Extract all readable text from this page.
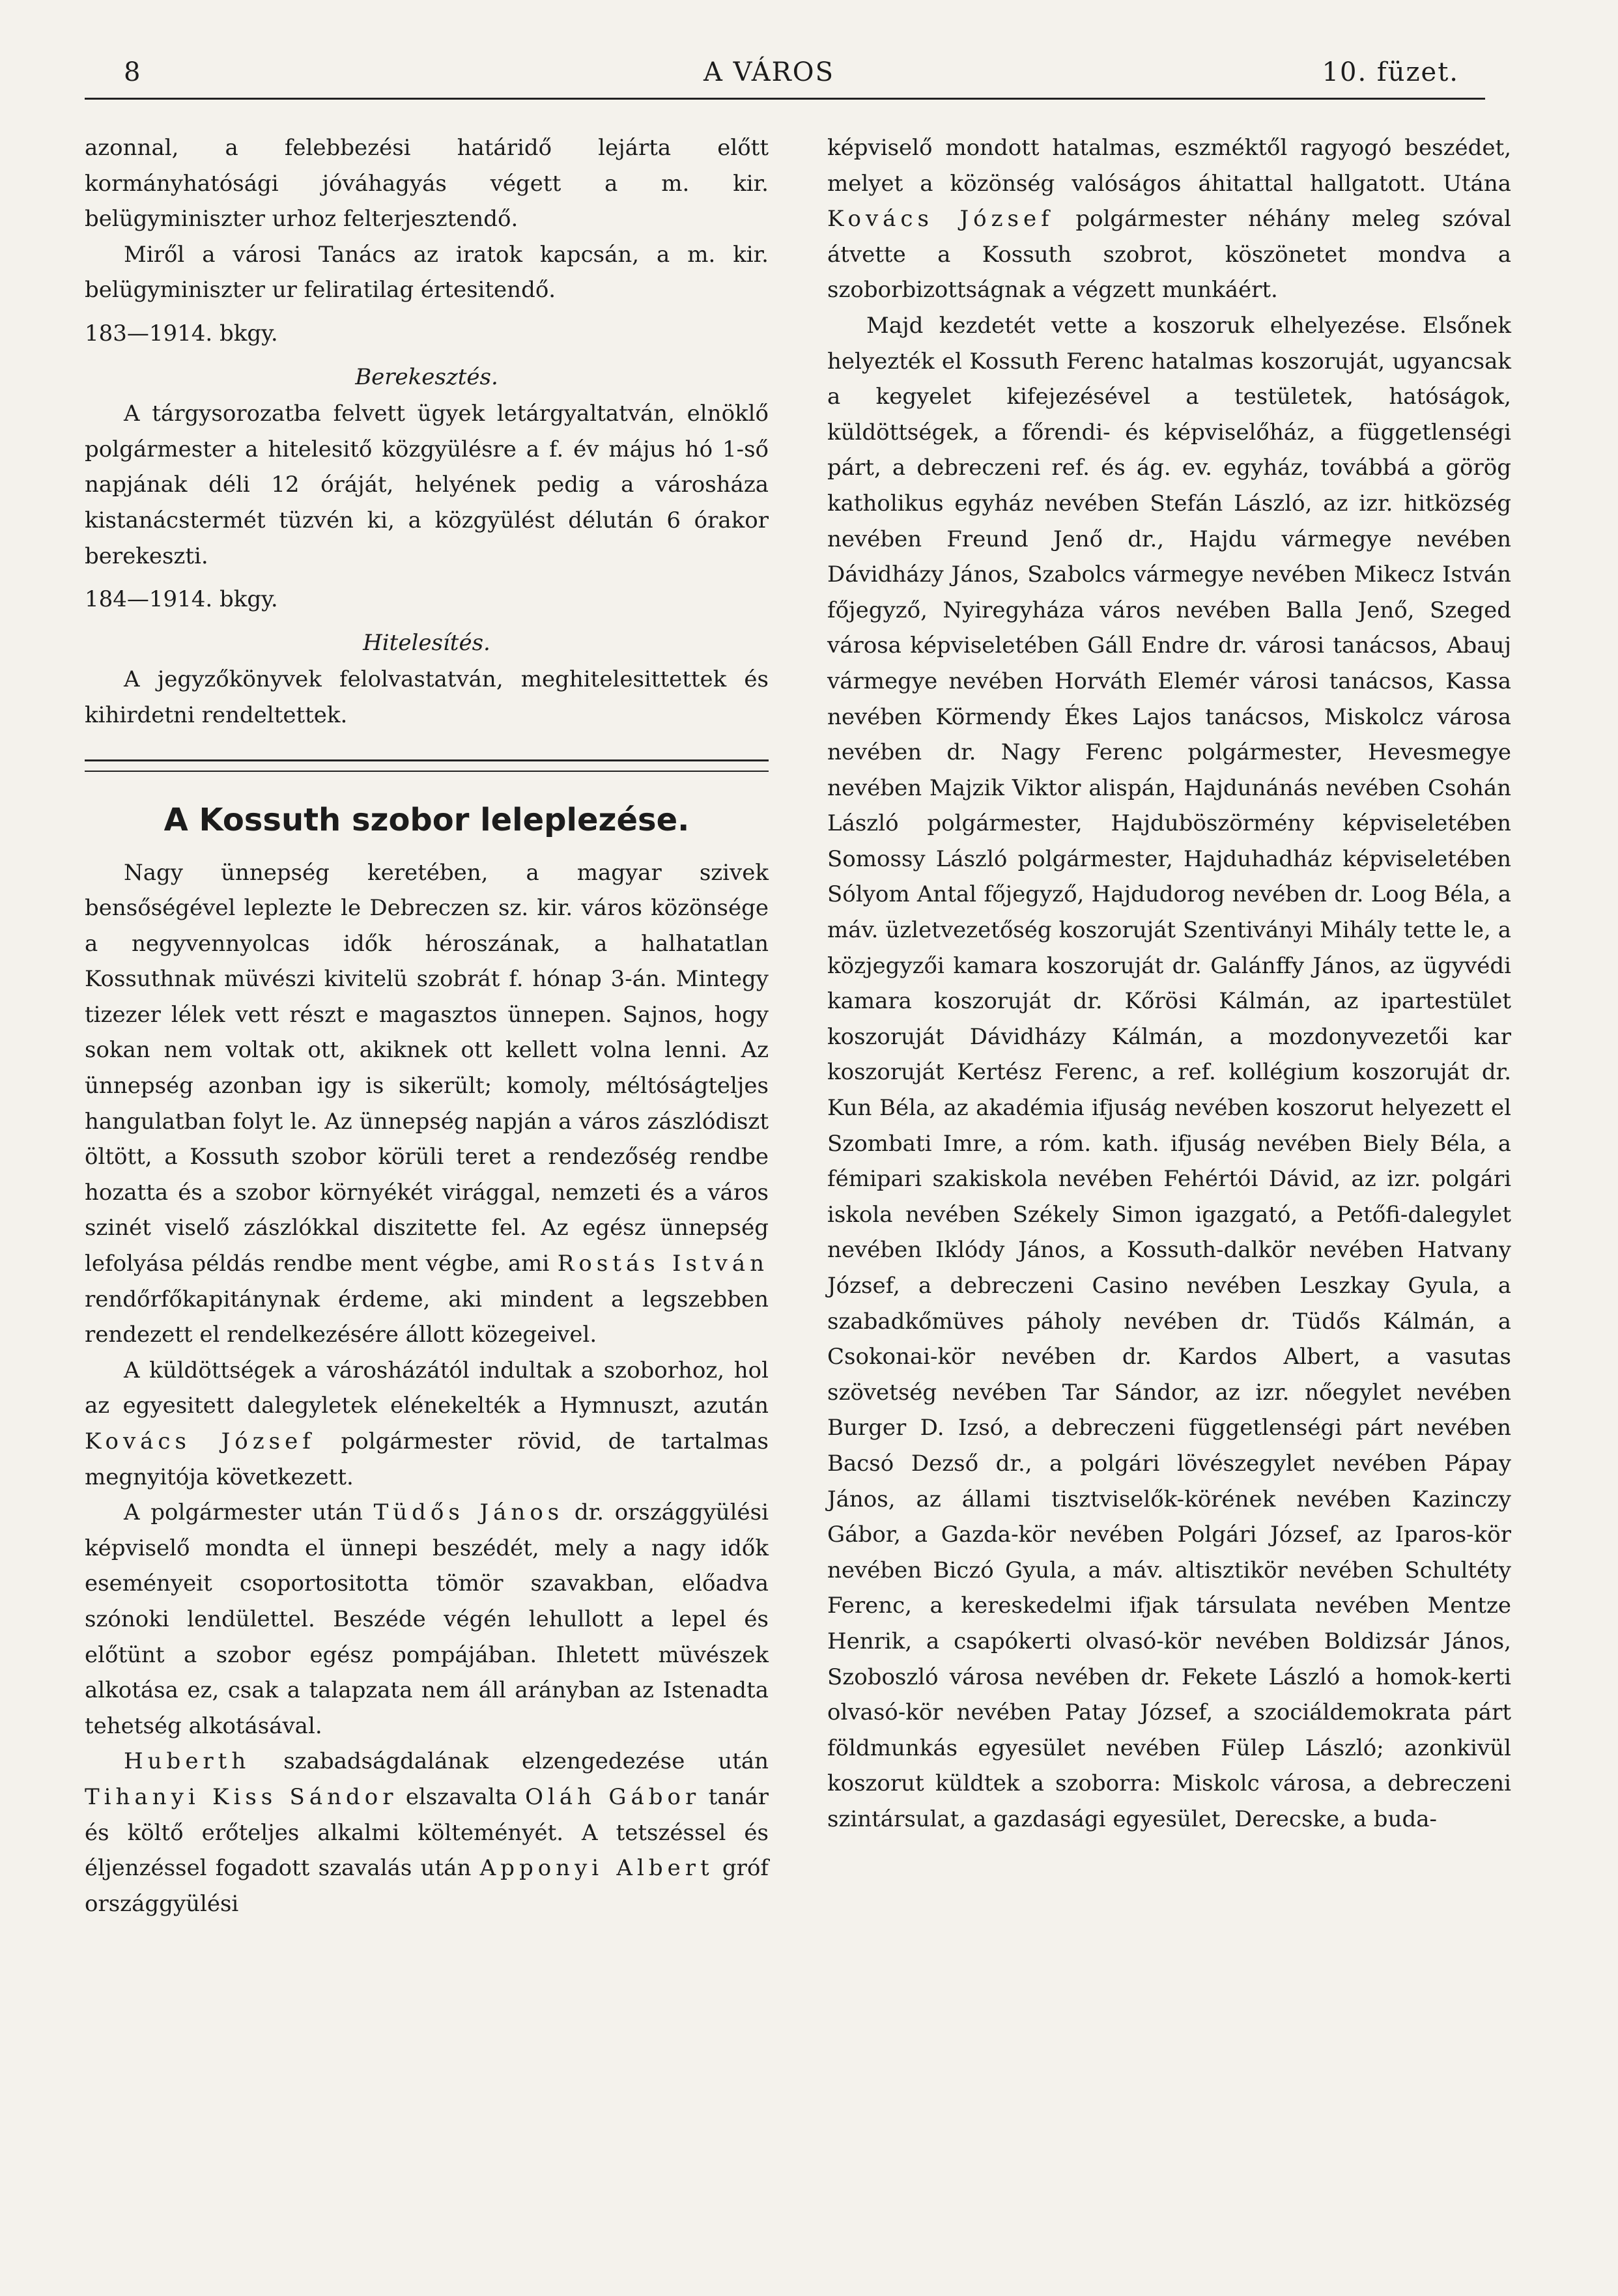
8	A VÁROS	10. füzet.

azonnal, a felebbezési határidő lejárta előtt kormányhatósági jóváhagyás végett a m. kir. belügyminiszter urhoz felterjesztendő.

Miről a városi Tanács az iratok kapcsán, a m. kir. belügyminiszter ur feliratilag értesitendő.

183—1914. bkgy.

Berekesztés.

A tárgysorozatba felvett ügyek letárgyaltatván, elnöklő polgármester a hitelesitő közgyülésre a f. év május hó 1-ső napjának déli 12 óráját, helyének pedig a városháza kistanácstermét tüzvén ki, a közgyülést délután 6 órakor berekeszti.

184—1914. bkgy.

Hitelesítés.

A jegyzőkönyvek felolvastatván, meghitelesittettek és kihirdetni rendeltettek.

A Kossuth szobor leleplezése.

Nagy ünnepség keretében, a magyar szivek bensőségével leplezte le Debreczen sz. kir. város közönsége a negyvennyolcas idők héroszának, a halhatatlan Kossuthnak müvészi kivitelü szobrát f. hónap 3-án. Mintegy tizezer lélek vett részt e magasztos ünnepen. Sajnos, hogy sokan nem voltak ott, akiknek ott kellett volna lenni. Az ünnepség azonban igy is sikerült; komoly, méltóságteljes hangulatban folyt le. Az ünnepség napján a város zászlódiszt öltött, a Kossuth szobor körüli teret a rendezőség rendbe hozatta és a szobor környékét virággal, nemzeti és a város szinét viselő zászlókkal diszitette fel. Az egész ünnepség lefolyása példás rendbe ment végbe, ami Rostás István rendőrfőkapitánynak érdeme, aki mindent a legszebben rendezett el rendelkezésére állott közegeivel.

A küldöttségek a városházától indultak a szoborhoz, hol az egyesitett dalegyletek elénekelték a Hymnuszt, azután Kovács József polgármester rövid, de tartalmas megnyitója következett.

A polgármester után Tüdős János dr. országgyülési képviselő mondta el ünnepi beszédét, mely a nagy idők eseményeit csoportositotta tömör szavakban, előadva szónoki lendülettel. Beszéde végén lehullott a lepel és előtünt a szobor egész pompájában. Ihletett müvészek alkotása ez, csak a talapzata nem áll arányban az Istenadta tehetség alkotásával.

Huberth szabadságdalának elzengedezése után Tihanyi Kiss Sándor elszavalta Oláh Gábor tanár és költő erőteljes alkalmi költeményét. A tetszéssel és éljenzéssel fogadott szavalás után Apponyi Albert gróf országgyülési

képviselő mondott hatalmas, eszméktől ragyogó beszédet, melyet a közönség valóságos áhitattal hallgatott. Utána Kovács József polgármester néhány meleg szóval átvette a Kossuth szobrot, köszönetet mondva a szoborbizottságnak a végzett munkáért.

Majd kezdetét vette a koszoruk elhelyezése. Elsőnek helyezték el Kossuth Ferenc hatalmas koszoruját, ugyancsak a kegyelet kifejezésével a testületek, hatóságok, küldöttségek, a főrendi- és képviselőház, a függetlenségi párt, a debreczeni ref. és ág. ev. egyház, továbbá a görög katholikus egyház nevében Stefán László, az izr. hitközség nevében Freund Jenő dr., Hajdu vármegye nevében Dávidházy János, Szabolcs vármegye nevében Mikecz István főjegyző, Nyiregyháza város nevében Balla Jenő, Szeged városa képviseletében Gáll Endre dr. városi tanácsos, Abauj vármegye nevében Horváth Elemér városi tanácsos, Kassa nevében Körmendy Ékes Lajos tanácsos, Miskolcz városa nevében dr. Nagy Ferenc polgármester, Hevesmegye nevében Majzik Viktor alispán, Hajdunánás nevében Csohán László polgármester, Hajduböszörmény képviseletében Somossy László polgármester, Hajduhadház képviseletében Sólyom Antal főjegyző, Hajdudorog nevében dr. Loog Béla, a máv. üzletvezetőség koszoruját Szentiványi Mihály tette le, a közjegyzői kamara koszoruját dr. Galánffy János, az ügyvédi kamara koszoruját dr. Kőrösi Kálmán, az ipartestület koszoruját Dávidházy Kálmán, a mozdonyvezetői kar koszoruját Kertész Ferenc, a ref. kollégium koszoruját dr. Kun Béla, az akadémia ifjuság nevében koszorut helyezett el Szombati Imre, a róm. kath. ifjuság nevében Biely Béla, a fémipari szakiskola nevében Fehértói Dávid, az izr. polgári iskola nevében Székely Simon igazgató, a Petőfi-dalegylet nevében Iklódy János, a Kossuth-dalkör nevében Hatvany József, a debreczeni Casino nevében Leszkay Gyula, a szabadkőmüves páholy nevében dr. Tüdős Kálmán, a Csokonai-kör nevében dr. Kardos Albert, a vasutas szövetség nevében Tar Sándor, az izr. nőegylet nevében Burger D. Izsó, a debreczeni függetlenségi párt nevében Bacsó Dezső dr., a polgári lövészegylet nevében Pápay János, az állami tisztviselők-körének nevében Kazinczy Gábor, a Gazda-kör nevében Polgári József, az Iparos-kör nevében Biczó Gyula, a máv. altisztikör nevében Schultéty Ferenc, a kereskedelmi ifjak társulata nevében Mentze Henrik, a csapókerti olvasó-kör nevében Boldizsár János, Szoboszló városa nevében dr. Fekete László a homok-kerti olvasó-kör nevében Patay József, a szociáldemokrata párt földmunkás egyesület nevében Fülep László; azonkivül koszorut küldtek a szoborra: Miskolc városa, a debreczeni szintársulat, a gazdasági egyesület, Derecske, a buda-
